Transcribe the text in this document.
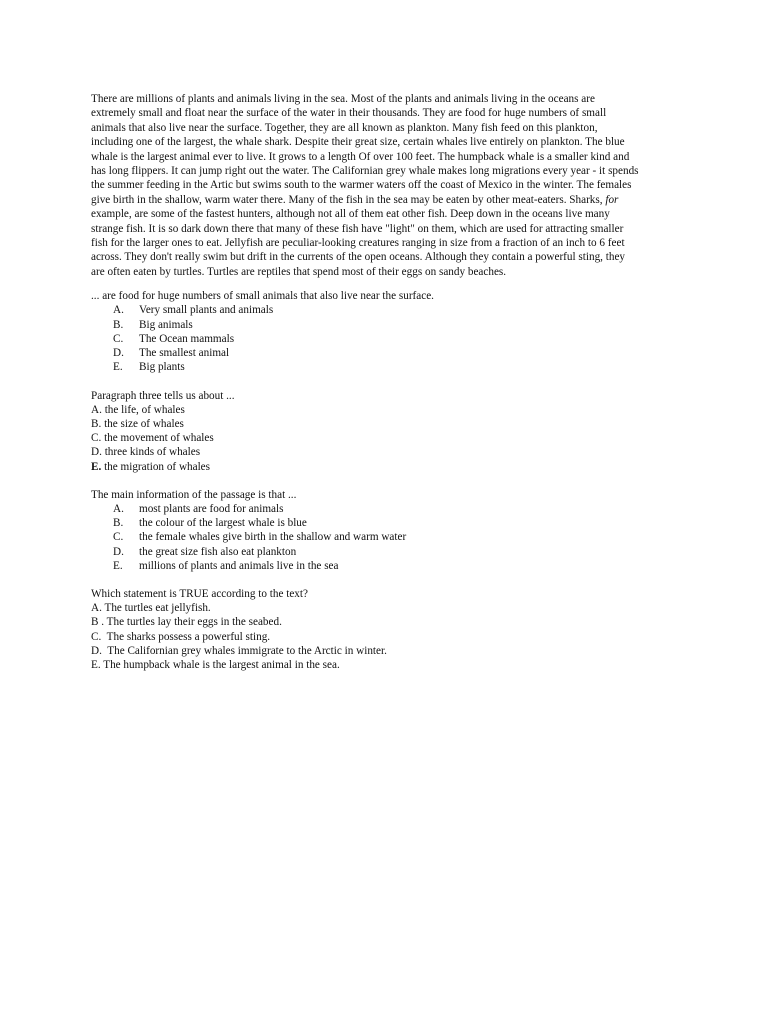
There are millions of plants and animals living in the sea. Most of the plants and animals living in the oceans are
extremely small and float near the surface of the water in their thousands. They are food for huge numbers of small
animals that also live near the surface. Together, they are all known as plankton. Many fish feed on this plankton,
including one of the largest, the whale shark. Despite their great size, certain whales live entirely on plankton. The blue
whale is the largest animal ever to live. It grows to a length Of over 100 feet. The humpback whale is a smaller kind and
has long flippers. It can jump right out the water. The Californian grey whale makes long migrations every year - it spends
the summer feeding in the Artic but swims south to the warmer waters off the coast of Mexico in the winter. The females
give birth in the shallow, warm water there. Many of the fish in the sea may be eaten by other meat-eaters. Sharks, for
example, are some of the fastest hunters, although not all of them eat other fish. Deep down in the oceans live many
strange fish. It is so dark down there that many of these fish have "light" on them, which are used for attracting smaller
fish for the larger ones to eat. Jellyfish are peculiar-looking creatures ranging in size from a fraction of an inch to 6 feet
across. They don't really swim but drift in the currents of the open oceans. Although they contain a powerful sting, they
are often eaten by turtles. Turtles are reptiles that spend most of their eggs on sandy beaches.

... are food for huge numbers of small animals that also live near the surface.
A. Very small plants and animals
B. Big animals
C. The Ocean mammals
D. The smallest animal
E. Big plants
Paragraph three tells us about ...
A. the life, of whales
B. the size of whales
C. the movement of whales
D. three kinds of whales
E. the migration of whales
The main information of the passage is that ...
A. most plants are food for animals
B. the colour of the largest whale is blue
C. the female whales give birth in the shallow and warm water
D. the great size fish also eat plankton
E. millions of plants and animals live in the sea
Which statement is TRUE according to the text?
A. The turtles eat jellyfish.
B . The turtles lay their eggs in the seabed.
C.  The sharks possess a powerful sting.
D.  The Californian grey whales immigrate to the Arctic in winter.
E. The humpback whale is the largest animal in the sea.
